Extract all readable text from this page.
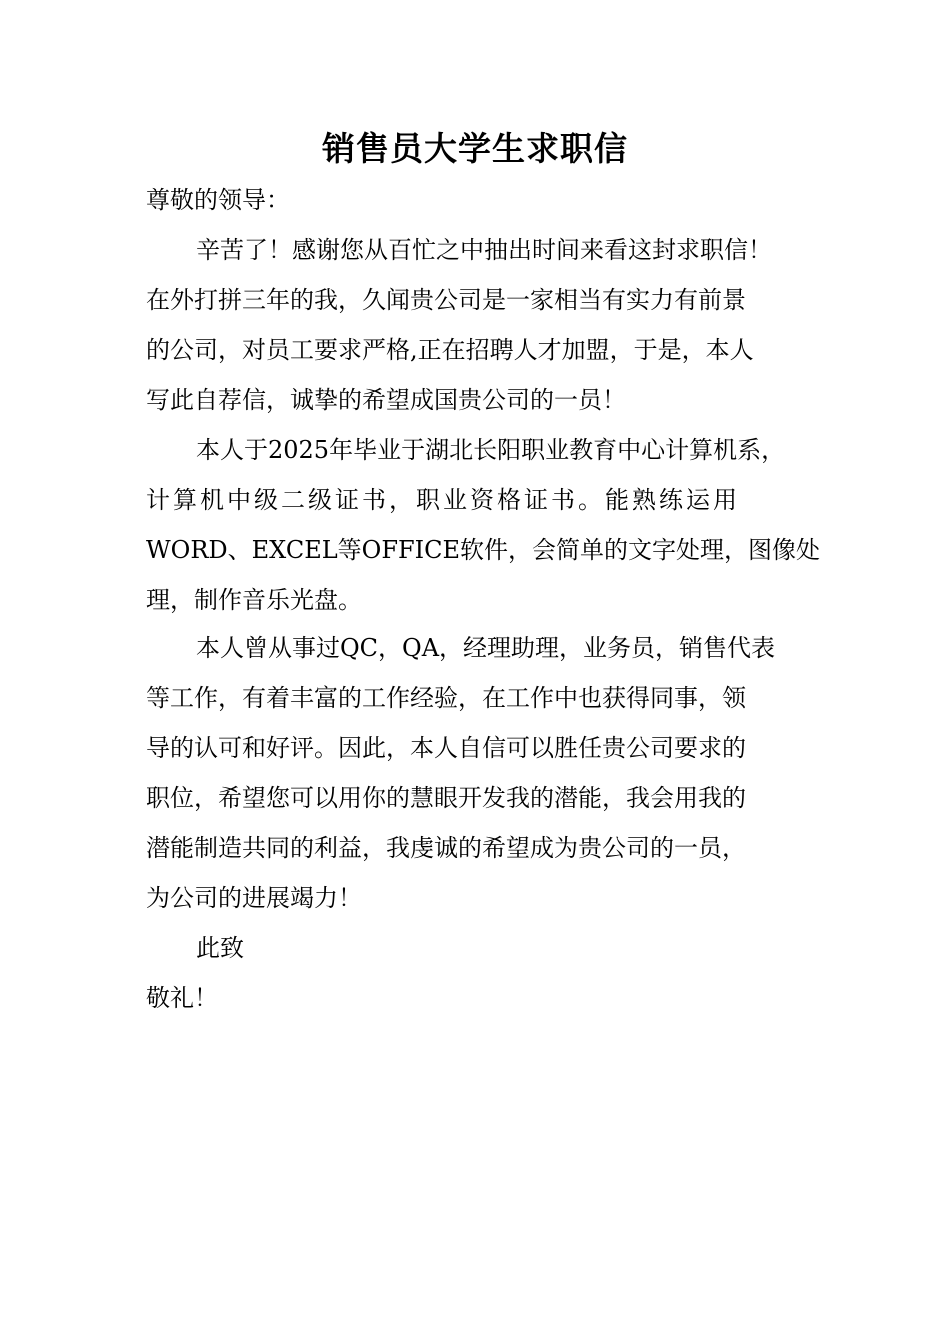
销售员大学生求职信
尊敬的领导：
辛苦了！感谢您从百忙之中抽出时间来看这封求职信！
在外打拼三年的我，久闻贵公司是一家相当有实力有前景
的公司，对员工要求严格,正在招聘人才加盟，于是，本人
写此自荐信，诚挚的希望成国贵公司的一员！
本人于2025年毕业于湖北长阳职业教育中心计算机系，
计算机中级二级证书，职业资格证书。能熟练运用
WORD、EXCEL等OFFICE软件，会简单的文字处理，图像处
理，制作音乐光盘。
本人曾从事过QC，QA，经理助理，业务员，销售代表
等工作，有着丰富的工作经验，在工作中也获得同事，领
导的认可和好评。因此，本人自信可以胜任贵公司要求的
职位，希望您可以用你的慧眼开发我的潜能，我会用我的
潜能制造共同的利益，我虔诚的希望成为贵公司的一员，
为公司的进展竭力！
此致
敬礼！
